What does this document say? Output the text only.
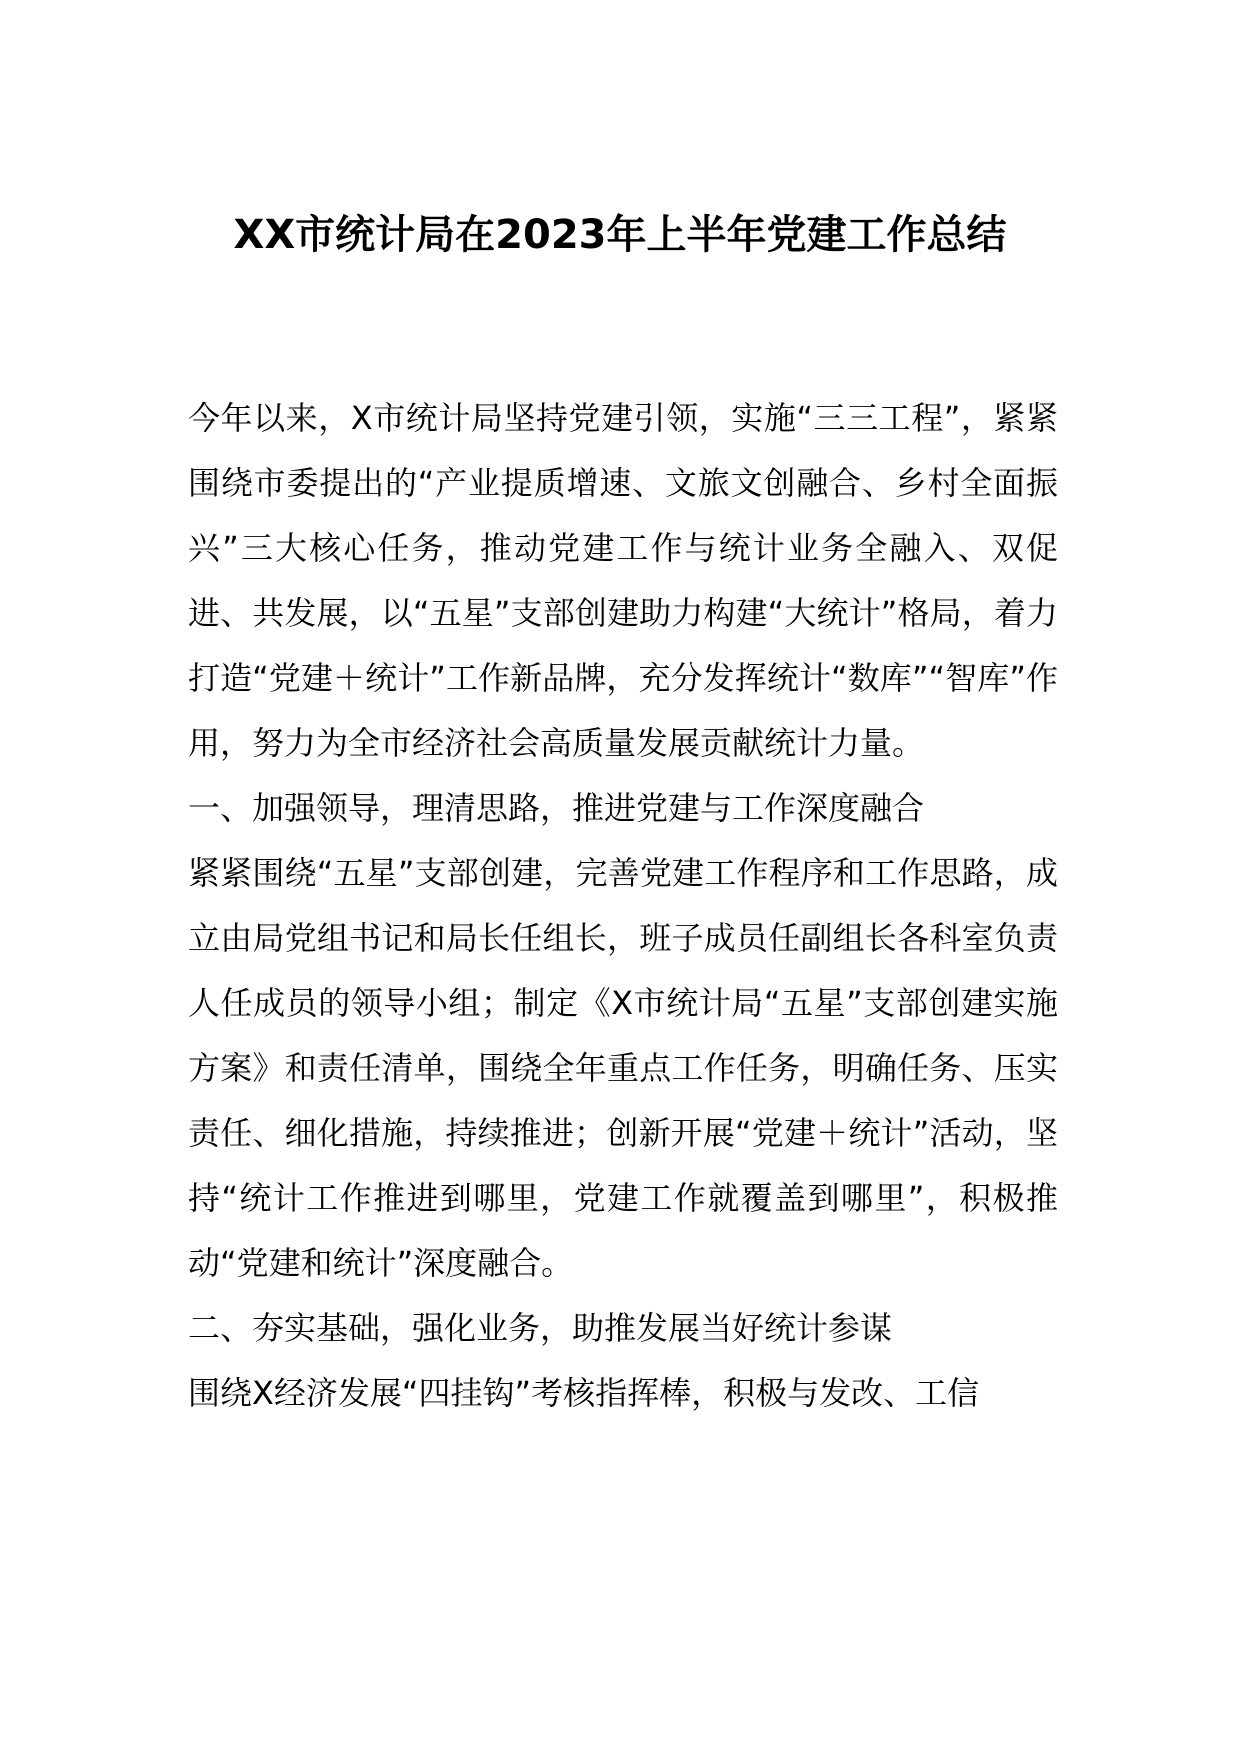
XX市统计局在2023年上半年党建工作总结

今年以来，X市统计局坚持党建引领，实施“三三工程”，紧紧围绕市委提出的“产业提质增速、文旅文创融合、乡村全面振兴”三大核心任务，推动党建工作与统计业务全融入、双促进、共发展，以“五星”支部创建助力构建“大统计”格局，着力打造“党建＋统计”工作新品牌，充分发挥统计“数库”“智库”作用，努力为全市经济社会高质量发展贡献统计力量。

一、加强领导，理清思路，推进党建与工作深度融合

紧紧围绕“五星”支部创建，完善党建工作程序和工作思路，成立由局党组书记和局长任组长，班子成员任副组长各科室负责人任成员的领导小组；制定《X市统计局“五星”支部创建实施方案》和责任清单，围绕全年重点工作任务，明确任务、压实责任、细化措施，持续推进；创新开展“党建＋统计”活动，坚持“统计工作推进到哪里，党建工作就覆盖到哪里”，积极推动“党建和统计”深度融合。

二、夯实基础，强化业务，助推发展当好统计参谋

围绕X经济发展“四挂钩”考核指挥棒，积极与发改、工信
